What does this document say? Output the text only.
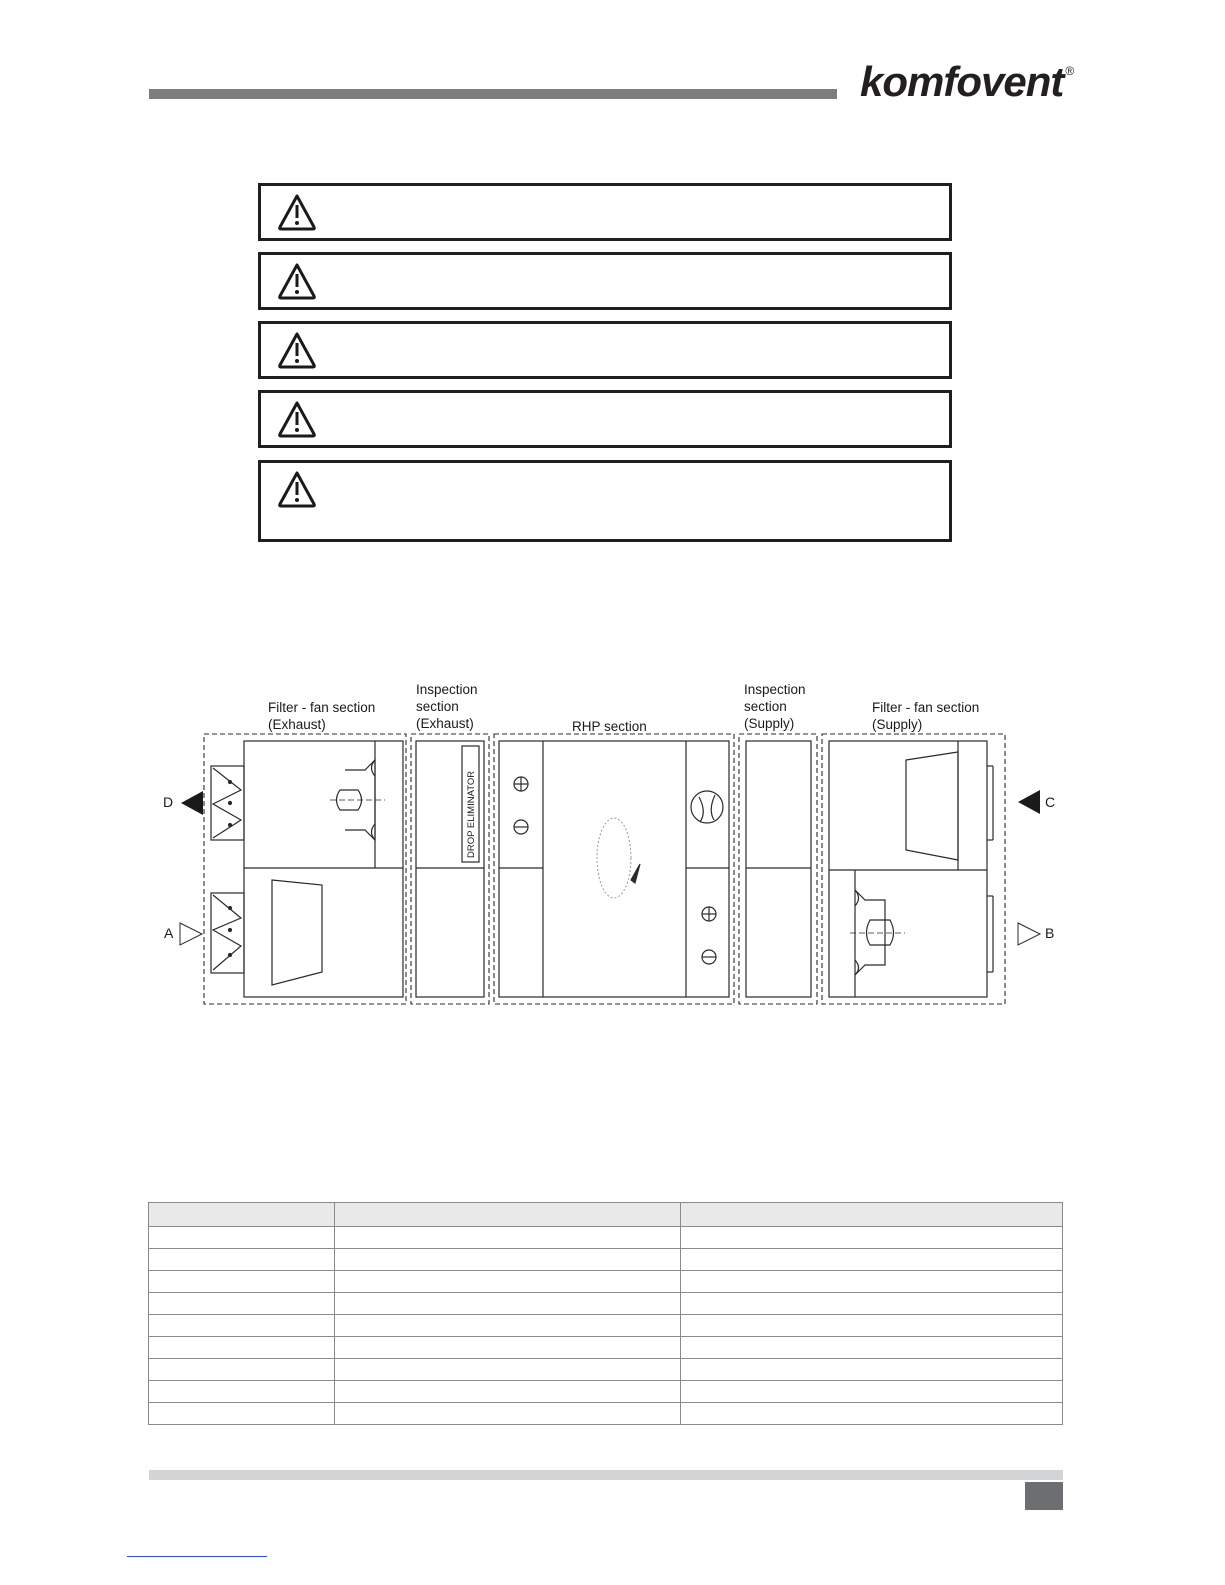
komfovent ®
Filter - fan section
(Exhaust)
Inspection
section
(Exhaust)	RHP section
Inspection
section
(Supply)
Filter - fan section
(Supply)
DROP ELIMINATOR
D
A
C
B
